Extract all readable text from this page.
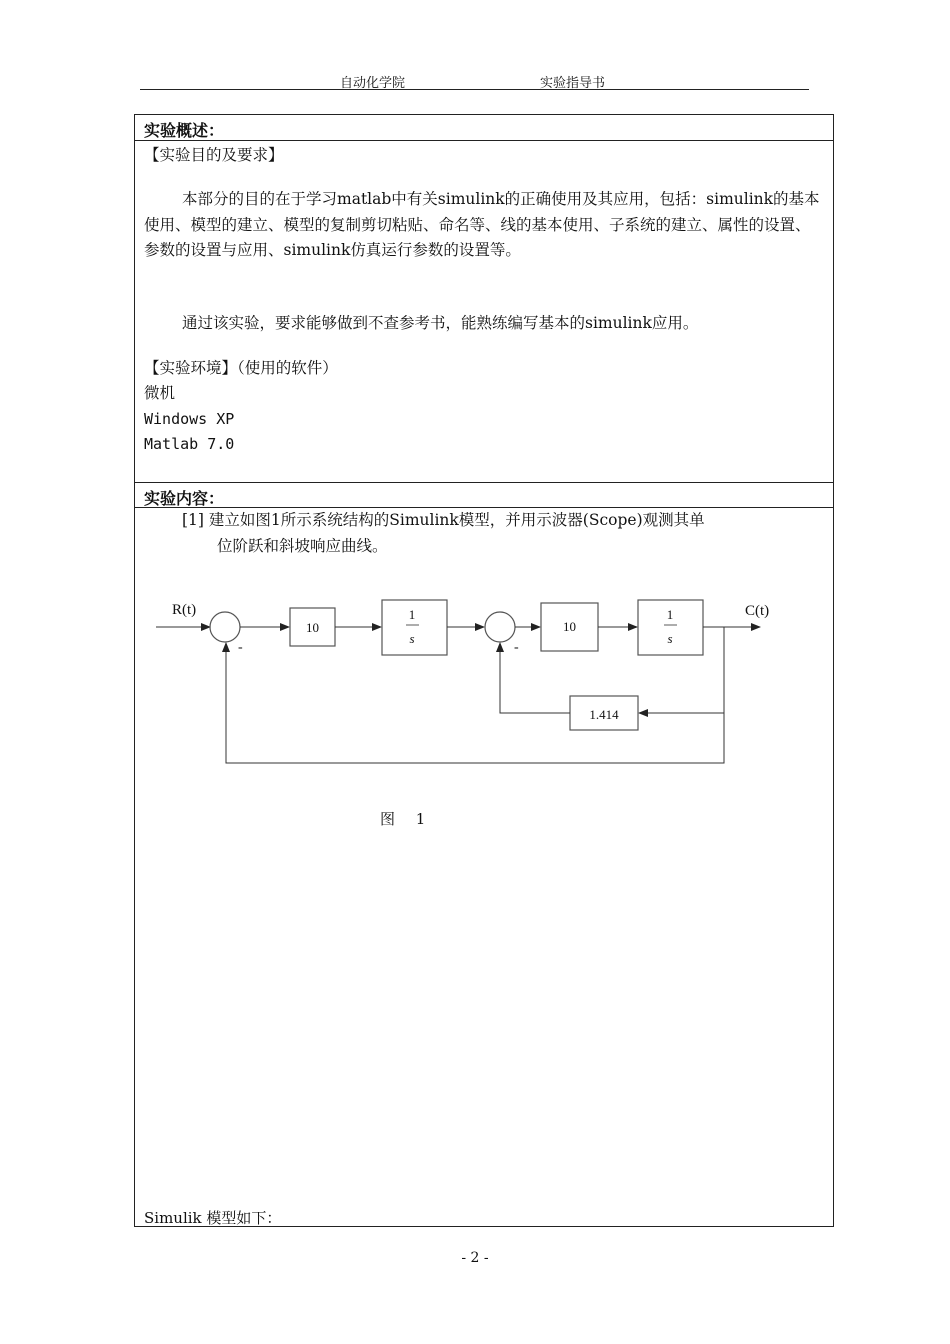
自动化学院	实验指导书
实验概述：
【实验目的及要求】
本部分的目的在于学习matlab中有关simulink的正确使用及其应用，包括：simulink的基本使用、模型的建立、模型的复制剪切粘贴、命名等、线的基本使用、子系统的建立、属性的设置、参数的设置与应用、simulink仿真运行参数的设置等。
通过该实验，要求能够做到不查参考书，能熟练编写基本的simulink应用。
【实验环境】（使用的软件）
微机
Windows XP
Matlab 7.0
实验内容：
[1] 建立如图1所示系统结构的Simulink模型，并用示波器(Scope)观测其单
位阶跃和斜坡响应曲线。
R(t)
-
10
1
s
-
10
1
s
C(t)
1.414
图 1
Simulik 模型如下：
- 2 -
